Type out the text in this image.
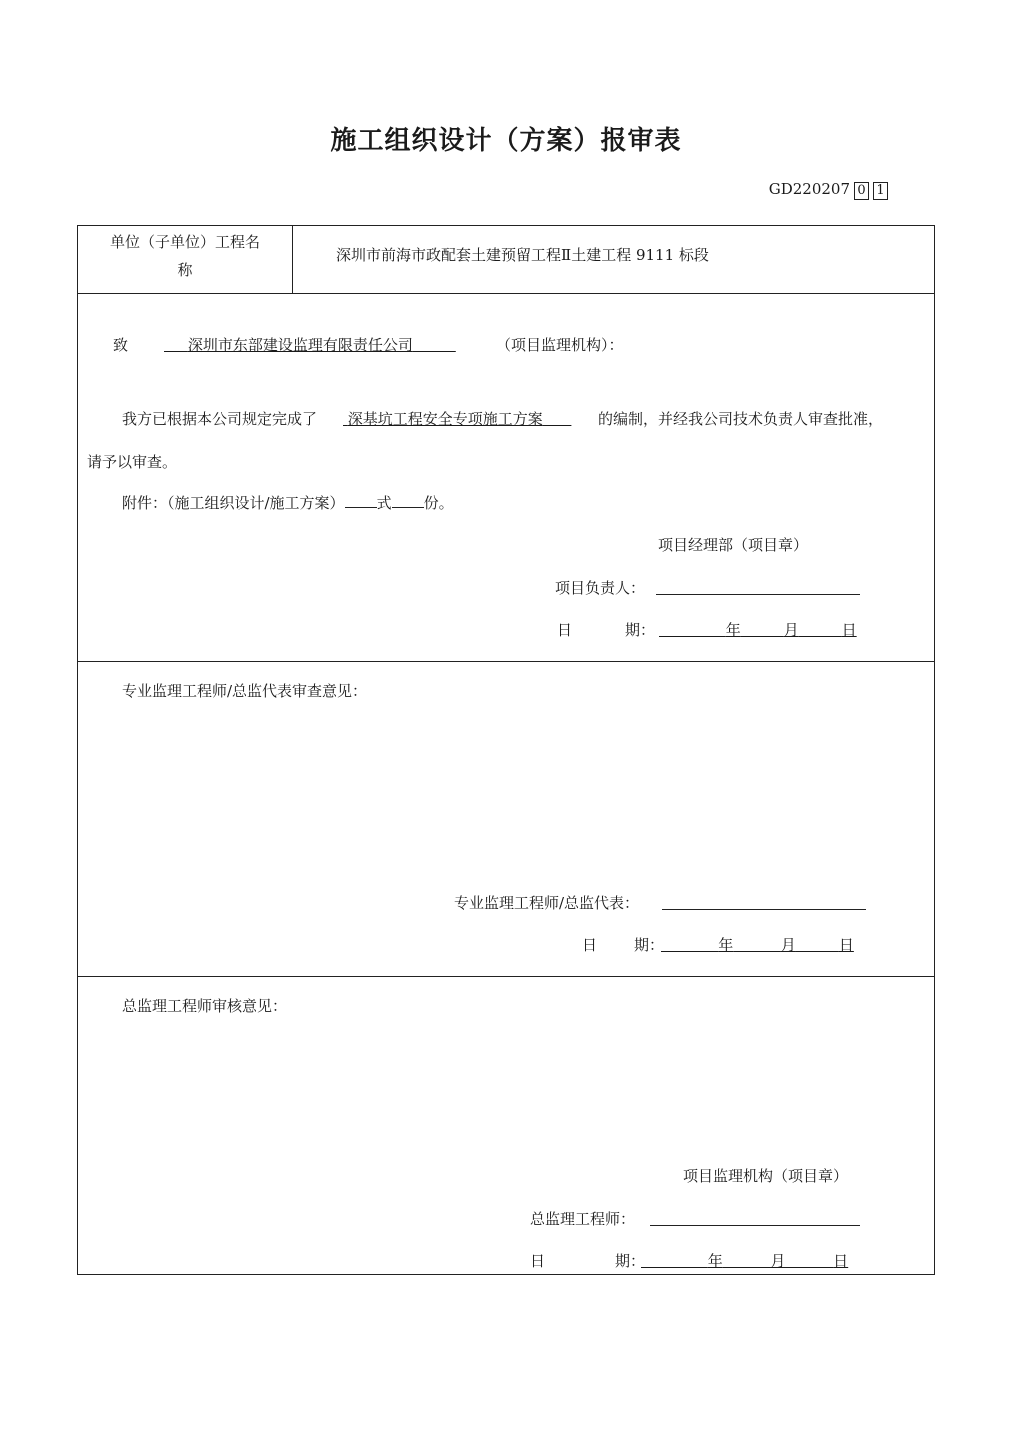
施工组织设计（方案）报审表
GD220207 0 1
单位（子单位）工程名
称
深圳市前海市政配套土建预留工程Ⅱ土建工程 9111 标段
致	深圳市东部建设监理有限责任公司	（项目监理机构）：
我方已根据本公司规定完成了	深基坑工程安全专项施工方案	的编制，并经我公司技术负责人审查批准，
请予以审查。
附件：（施工组织设计/施工方案） 式 份。
项目经理部（项目章）
项目负责人：
日	期：	年	月	日
专业监理工程师/总监代表审查意见：
专业监理工程师/总监代表：
日 期：	年	月	日
总监理工程师审核意见：
项目监理机构（项目章）
总监理工程师：
日	期：	年	月	日
